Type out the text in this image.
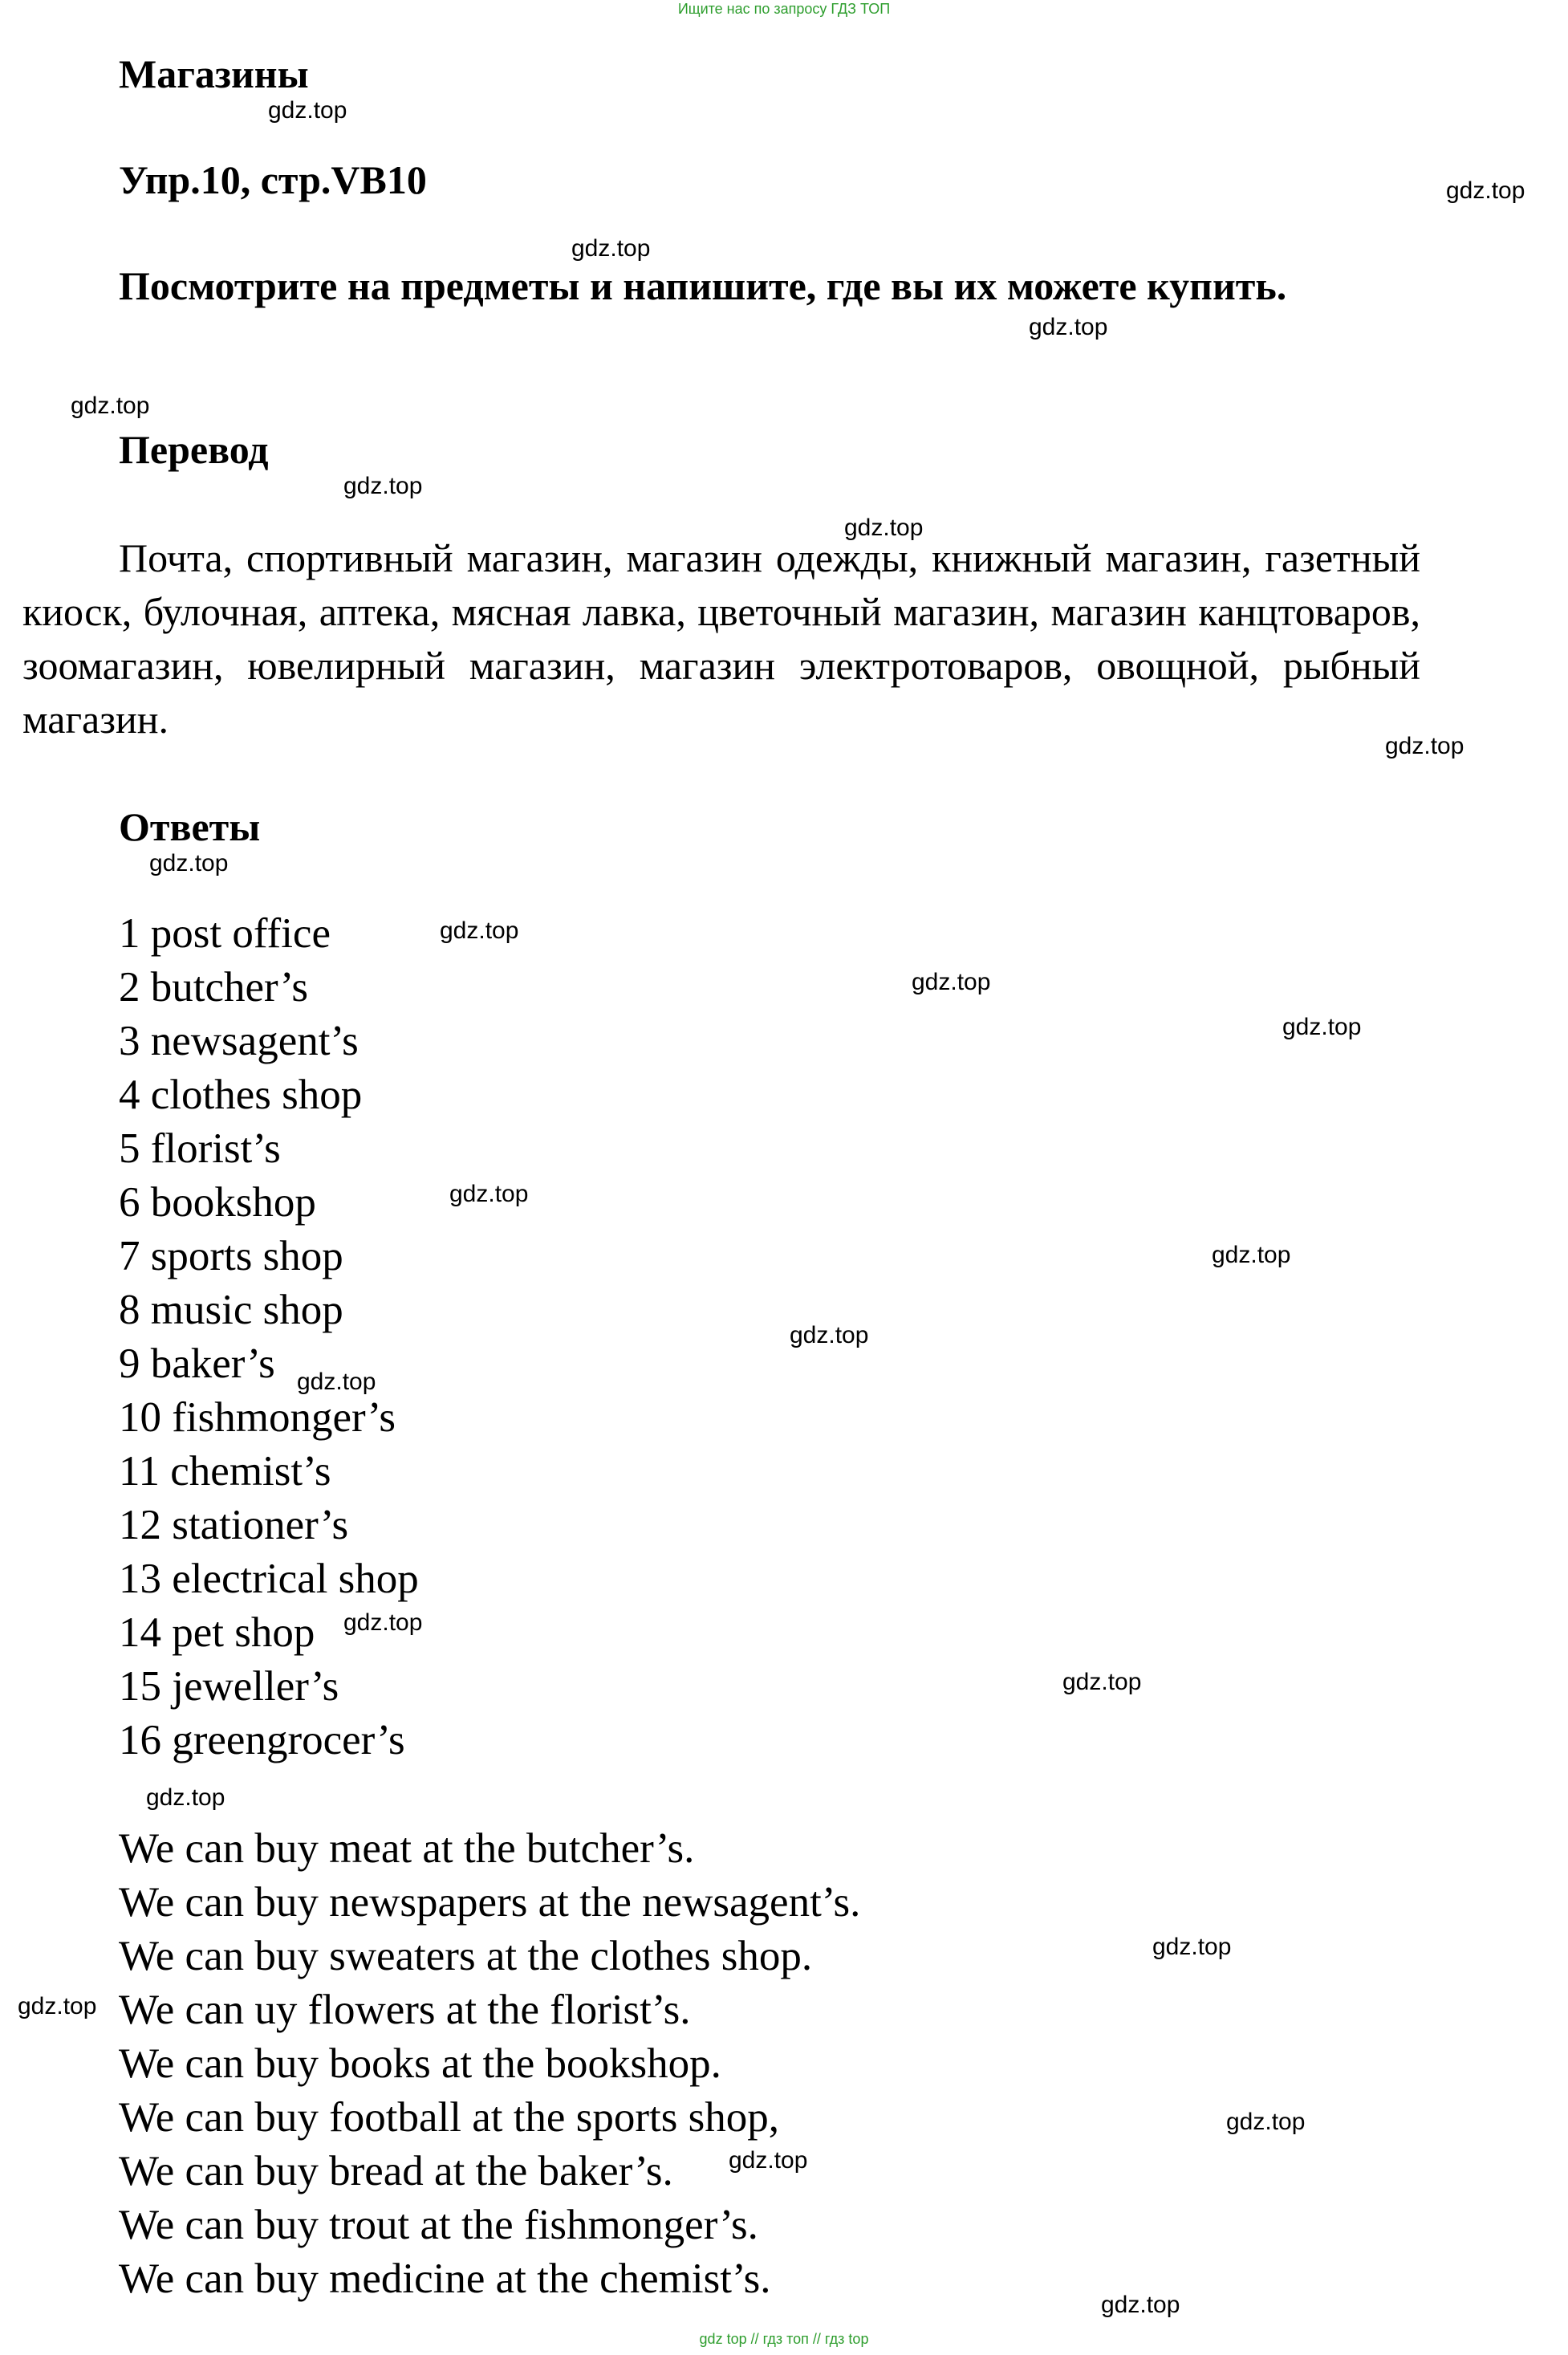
Ищите нас по запросу ГДЗ ТОП
Магазины
Упр.10, стр.VB10

Посмотрите на предметы и напишите, где вы их можете купить.

Перевод

Почта, спортивный магазин, магазин одежды, книжный магазин, газетный киоск, булочная, аптека, мясная лавка, цветочный магазин, магазин канцтоваров, зоомагазин, ювелирный магазин, магазин электротоваров, овощной, рыбный магазин.

Ответы
1 post office
2 butcher’s
3 newsagent’s
4 clothes shop
5 florist’s
6 bookshop
7 sports shop
8 music shop
9 baker’s
10 fishmonger’s
11 chemist’s
12 stationer’s
13 electrical shop
14 pet shop
15 jeweller’s
16 greengrocer’s
We can buy meat at the butcher’s.
We can buy newspapers at the newsagent’s.
We can buy sweaters at the clothes shop.
We can uy flowers at the florist’s.
We can buy books at the bookshop.
We can buy football at the sports shop,
We can buy bread at the baker’s.
We can buy trout at the fishmonger’s.
We can buy medicine at the chemist’s.
gdz.top
gdz.top
gdz.top
gdz.top
gdz.top
gdz.top
gdz.top
gdz.top
gdz.top
gdz.top
gdz.top
gdz.top
gdz.top
gdz.top
gdz.top
gdz.top
gdz.top
gdz.top
gdz.top
gdz.top
gdz.top
gdz.top
gdz.top
gdz.top
gdz top // гдз топ // гдз top
